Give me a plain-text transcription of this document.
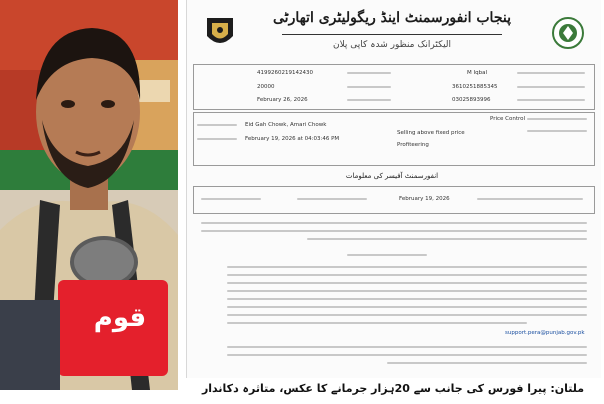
قوم
پنجاب انفورسمنٹ اینڈ ریگولیٹری اتھارٹی
الیکٹرانک منظور شدہ کاپی پلان
4199260219142430
20000
February 26, 2026
M Iqbal
3610251885345
03025893996
Eid Gah Chowk, Amari Chowk
February 19, 2026 at 04:03:46 PM
Price Control
Selling above fixed price
Profiteering
انفورسمنٹ آفیسر کی معلومات
February 19, 2026
support.pera@punjab.gov.pk
ملتان: پیرا فورس کی جانب سے 20ہزار جرمانے کا عکس، متاثرہ دکاندار
